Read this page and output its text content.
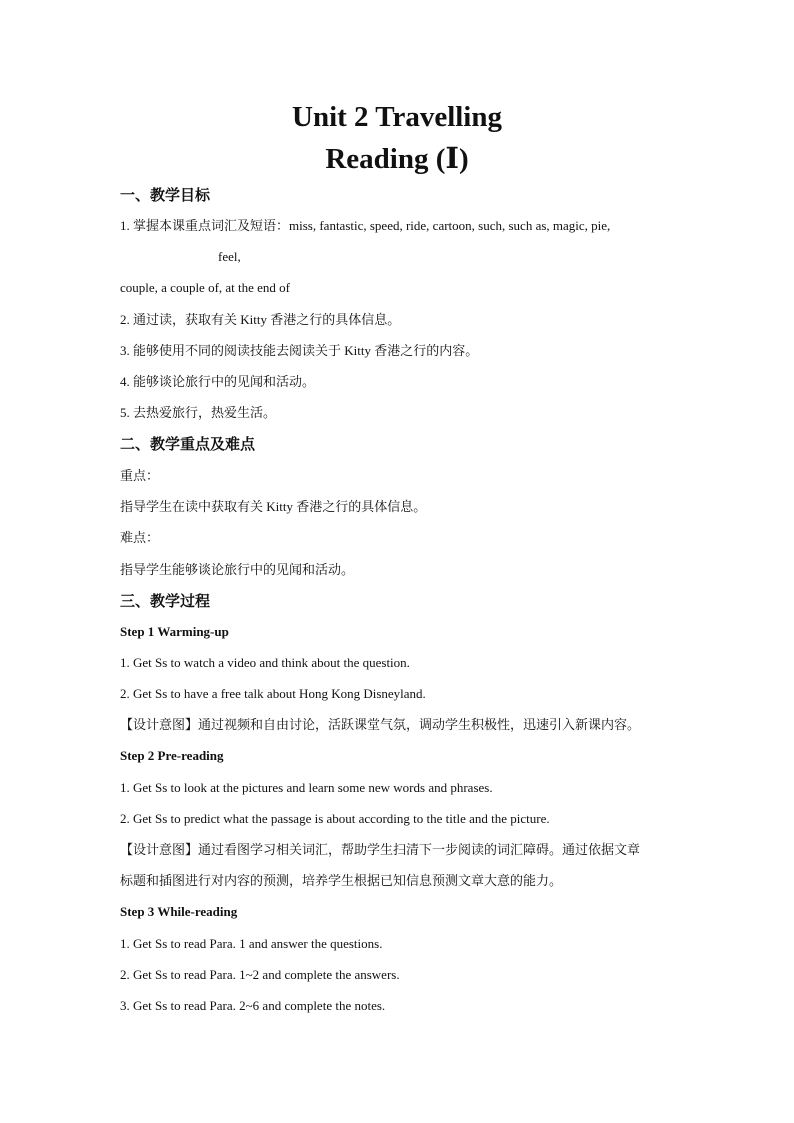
Unit 2 Travelling
Reading (Ⅰ)
一、教学目标
1. 掌握本课重点词汇及短语：miss, fantastic, speed, ride, cartoon, such, such as, magic, pie,
feel,
couple, a couple of, at the end of
2. 通过读，获取有关 Kitty 香港之行的具体信息。
3. 能够使用不同的阅读技能去阅读关于 Kitty 香港之行的内容。
4. 能够谈论旅行中的见闻和活动。
5. 去热爱旅行，热爱生活。
二、教学重点及难点
重点：
指导学生在读中获取有关 Kitty 香港之行的具体信息。
难点：
指导学生能够谈论旅行中的见闻和活动。
三、教学过程
Step 1 Warming-up
1. Get Ss to watch a video and think about the question.
2. Get Ss to have a free talk about Hong Kong Disneyland.
【设计意图】通过视频和自由讨论，活跃课堂气氛，调动学生积极性，迅速引入新课内容。
Step 2 Pre-reading
1. Get Ss to look at the pictures and learn some new words and phrases.
2. Get Ss to predict what the passage is about according to the title and the picture.
【设计意图】通过看图学习相关词汇，帮助学生扫清下一步阅读的词汇障碍。通过依据文章
标题和插图进行对内容的预测，培养学生根据已知信息预测文章大意的能力。
Step 3 While-reading
1. Get Ss to read Para. 1 and answer the questions.
2. Get Ss to read Para. 1~2 and complete the answers.
3. Get Ss to read Para. 2~6 and complete the notes.
